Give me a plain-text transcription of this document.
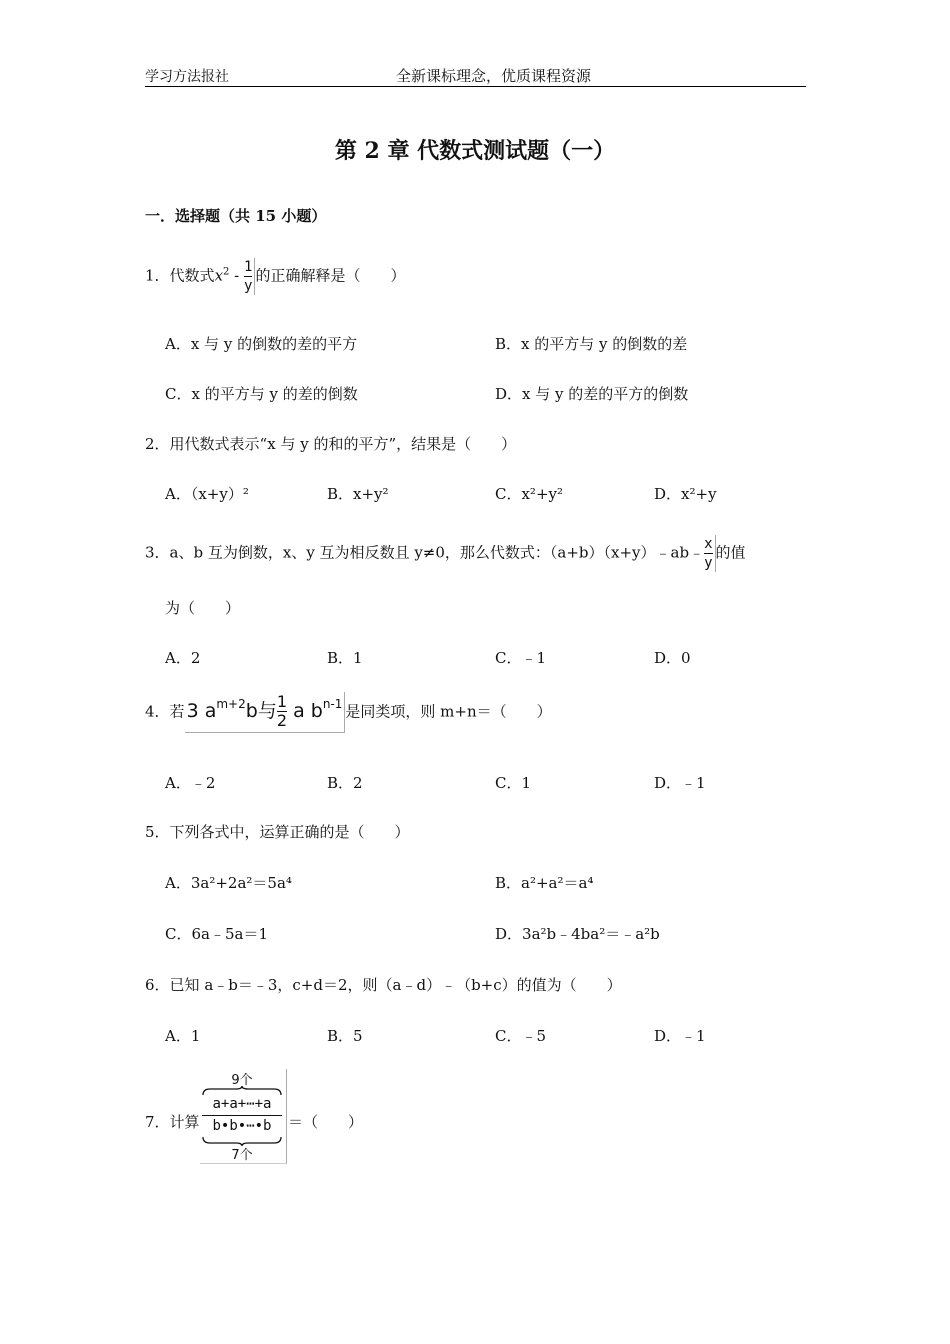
学习方法报社	全新课标理念，优质课程资源
第 2 章 代数式测试题（一）
一．选择题（共 15 小题）
1．代数式$x^2 - \frac{1}{y}$ 的正确解释是（　　）
A．x 与 y 的倒数的差的平方	B．x 的平方与 y 的倒数的差
C．x 的平方与 y 的差的倒数	D．x 与 y 的差的平方的倒数
2．用代数式表示“x 与 y 的和的平方”，结果是（　　）
A．（x+y）²	B．x+y²	C．x²+y²	D．x²+y
3．a、b 互为倒数，x、y 互为相反数且 y≠0，那么代数式：（a+b）（x+y）﹣ab﹣ $\frac{x}{y}$ 的值
为（　　）
A．2	B．1	C．﹣1	D．0
4．若 3 $a^{m+2}b$与 $\frac{1}{2}$ a $b^{n-1}$ 是同类项，则 m+n＝（　　）
A．﹣2	B．2	C．1	D．﹣1
5．下列各式中，运算正确的是（　　）
A．3a²+2a²＝5a⁴	B．a²+a²＝a⁴
C．6a﹣5a＝1	D．3a²b﹣4ba²＝﹣a²b
6．已知 a﹣b＝﹣3，c+d＝2，则（a﹣d）﹣（b+c）的值为（　　）
A．1	B．5	C．﹣5	D．﹣1
7．计算
9个
a+a+⋯+a
b•b•⋯•b
7个
＝（　　）
